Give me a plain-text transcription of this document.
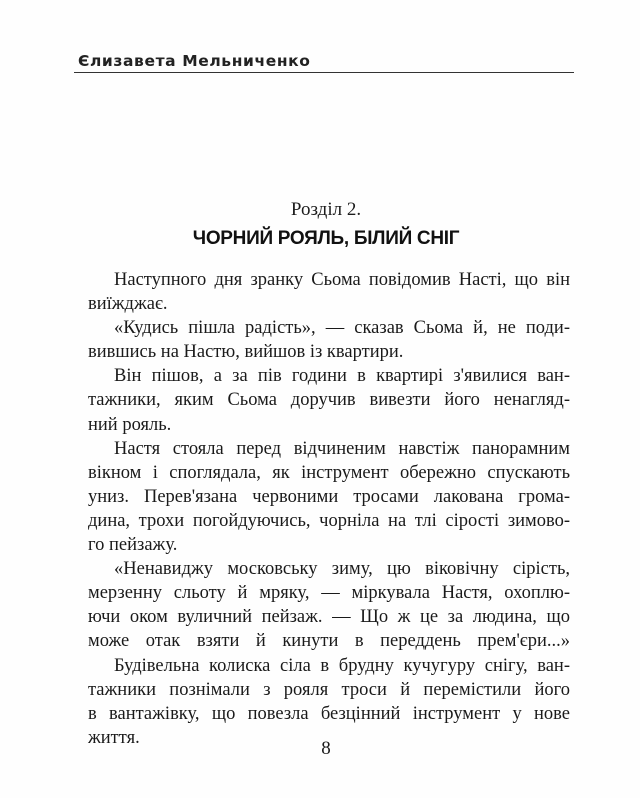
Єлизавета Мельниченко
Розділ 2.
ЧОРНИЙ РОЯЛЬ, БІЛИЙ СНІГ
Наступного дня зранку Сьома повідомив Насті, що він
виїжджає.
«Кудись пішла радість», — сказав Сьома й, не поди-
вившись на Настю, вийшов із квартири.
Він пішов, а за пів години в квартирі з'явилися ван-
тажники, яким Сьома доручив вивезти його ненагляд-
ний рояль.
Настя стояла перед відчиненим навстіж панорамним
вікном і споглядала, як інструмент обережно спускають
униз. Перев'язана червоними тросами лакована грома-
дина, трохи погойдуючись, чорніла на тлі сірості зимово-
го пейзажу.
«Ненавиджу московську зиму, цю віковічну сірість,
мерзенну сльоту й мряку, — міркувала Настя, охоплю-
ючи оком вуличний пейзаж. — Що ж це за людина, що
може отак взяти й кинути в переддень прем'єри...»
Будівельна колиска сіла в брудну кучугуру снігу, ван-
тажники познімали з рояля троси й перемістили його
в вантажівку, що повезла безцінний інструмент у нове
життя.
8
